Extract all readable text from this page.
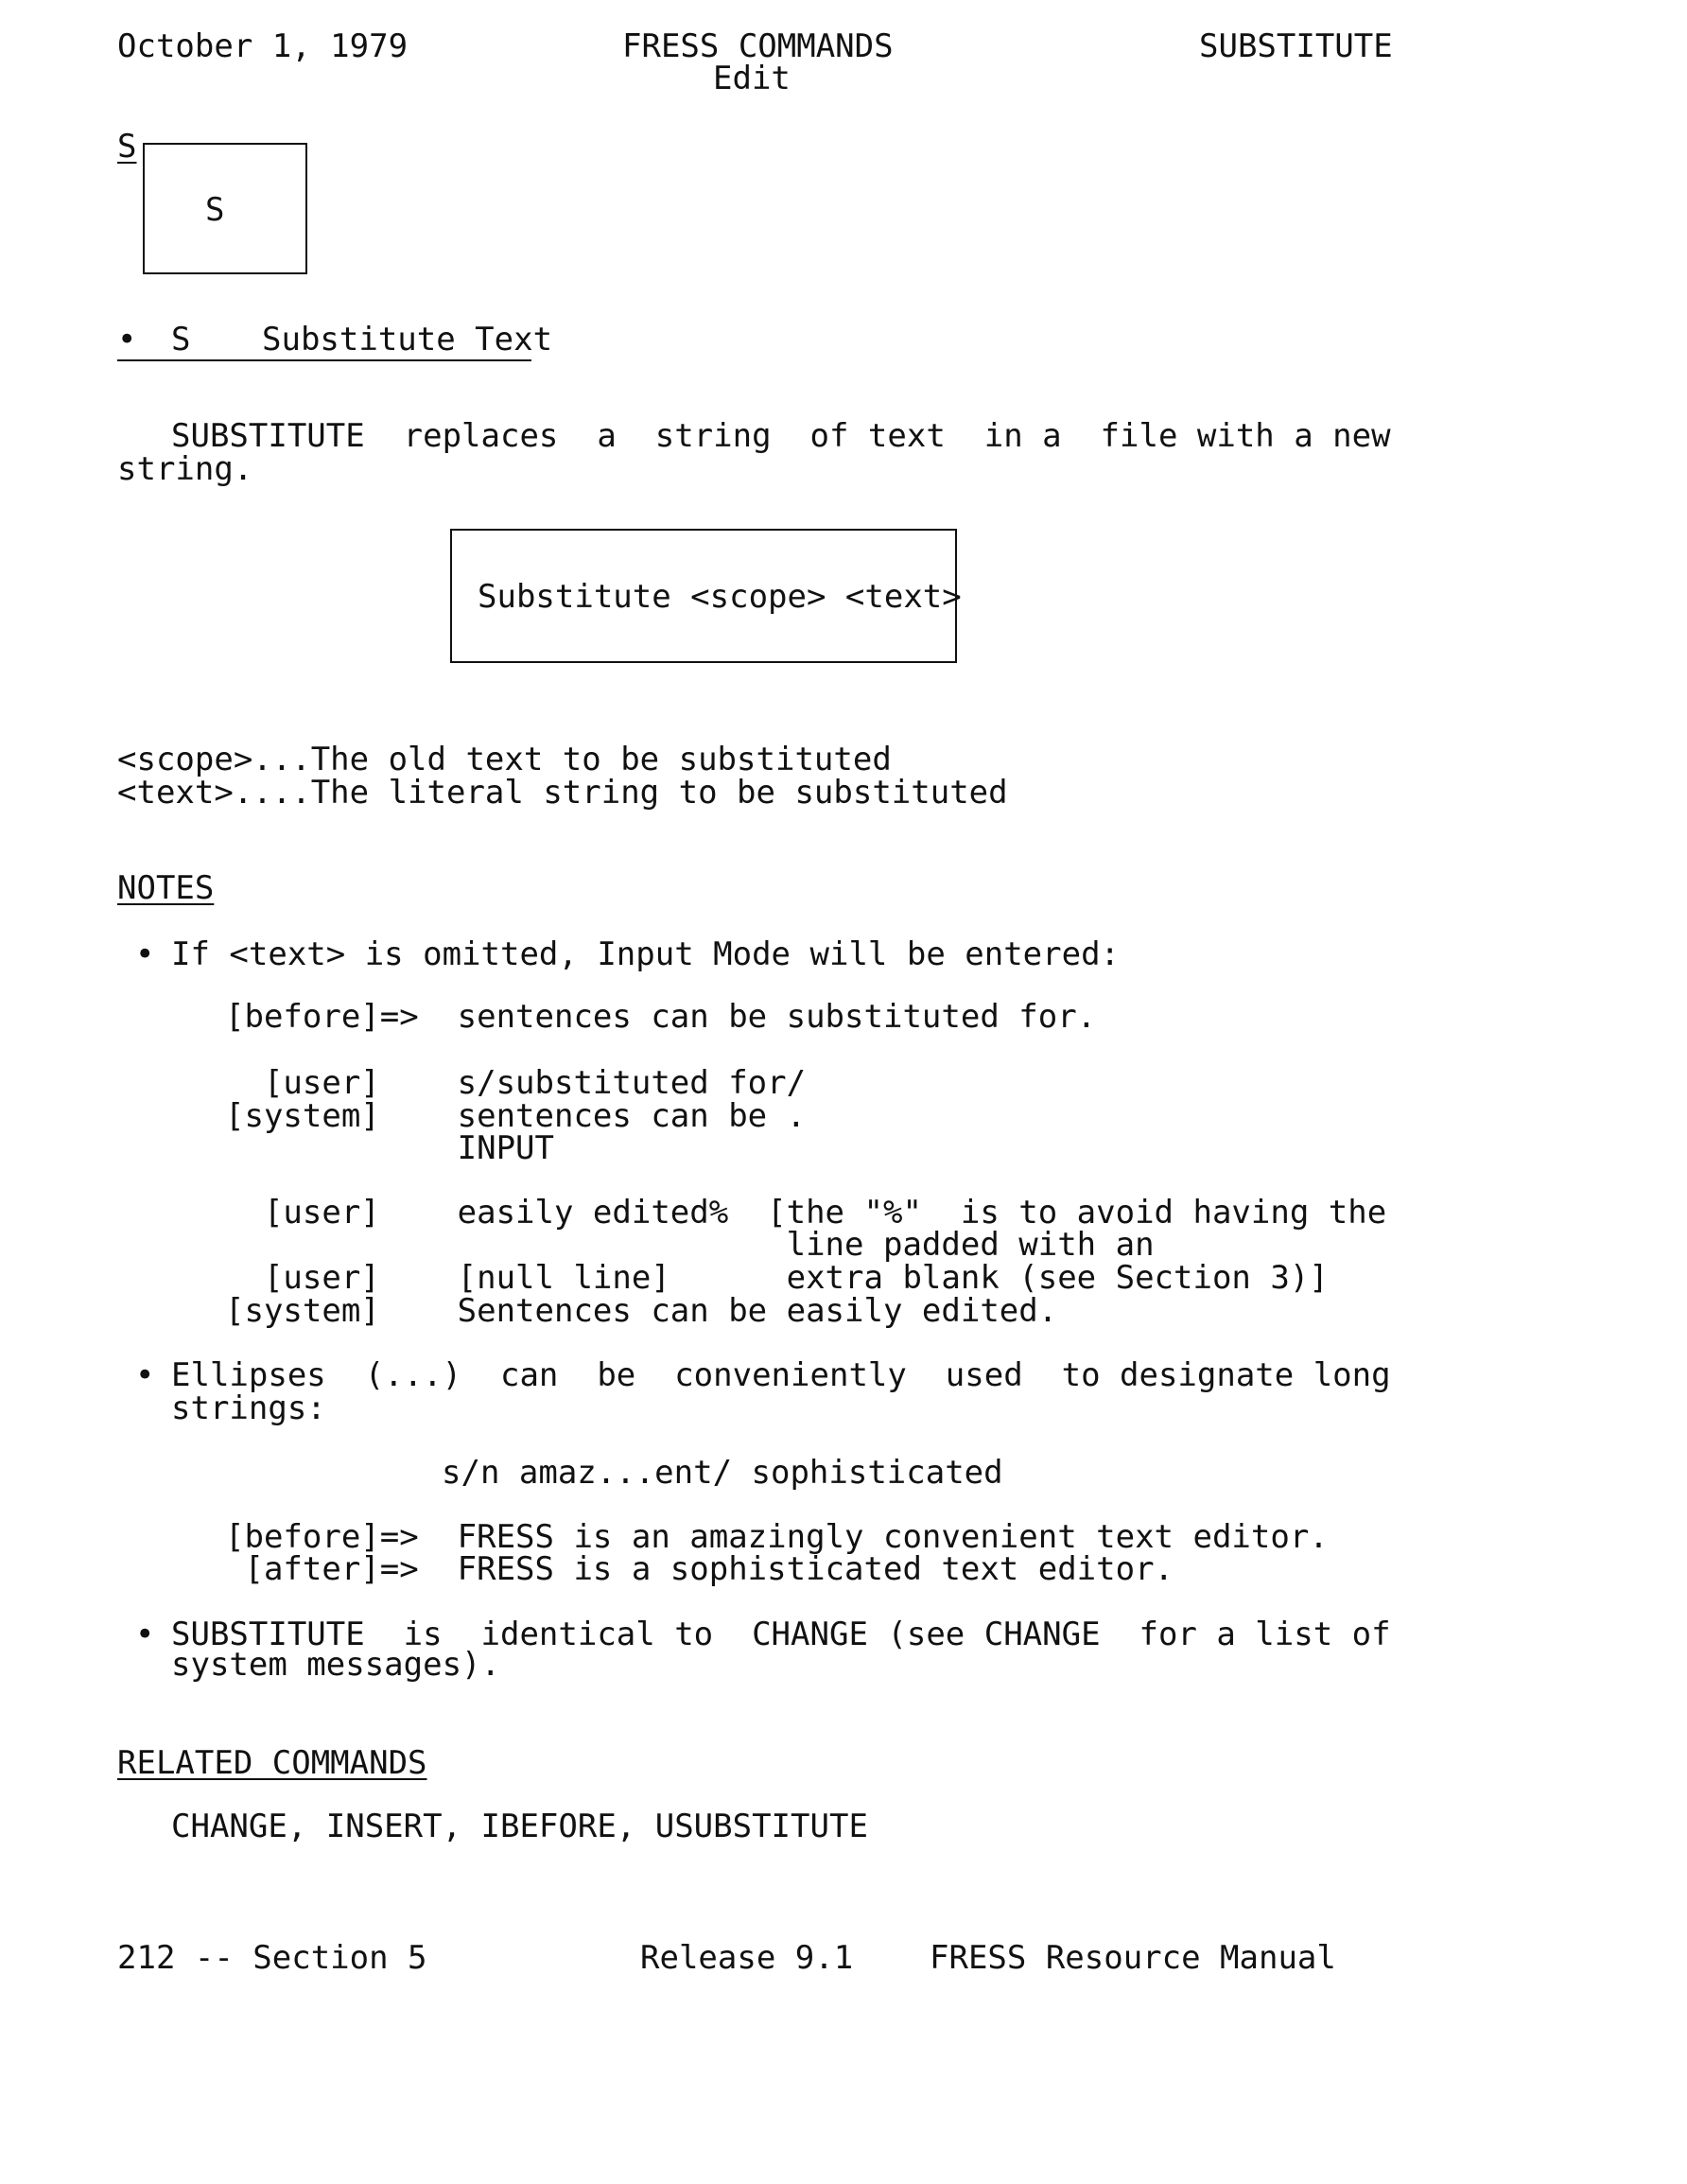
October 1, 1979	FRESS COMMANDS	SUBSTITUTE
Edit
S
S
• S Substitute Text
SUBSTITUTE  replaces  a  string  of text  in a  file with a new
string.
Substitute <scope> <text>
<scope>...The old text to be substituted
<text>....The literal string to be substituted
NOTES
• If <text> is omitted, Input Mode will be entered:
[before]=>  sentences can be substituted for.
[user]    s/substituted for/
[system]    sentences can be .
INPUT
[user]    easily edited%  [the "%"  is to avoid having the
line padded with an
[user]    [null line]      extra blank (see Section 3)]
[system]    Sentences can be easily edited.
• Ellipses  (...)  can  be  conveniently  used  to designate long
strings:
s/n amaz...ent/ sophisticated
[before]=>  FRESS is an amazingly convenient text editor.
[after]=>  FRESS is a sophisticated text editor.
• SUBSTITUTE  is  identical to  CHANGE (see CHANGE  for a list of
system messages).
RELATED COMMANDS
CHANGE, INSERT, IBEFORE, USUBSTITUTE
212 -- Section 5	Release 9.1 FRESS Resource Manual
